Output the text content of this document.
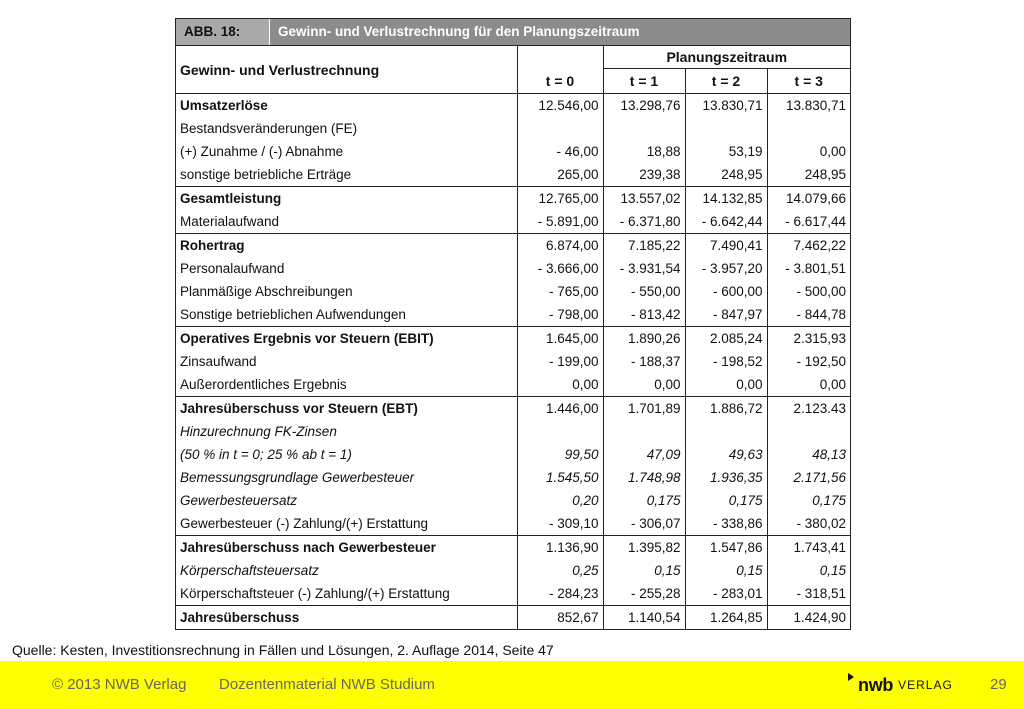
ABB. 18:	Gewinn- und Verlustrechnung für den Planungszeitraum
Gewinn- und Verlustrechnung		Planungszeitraum		
	t = 0	t = 1	t = 2	t = 3
Umsatzerlöse	12.546,00	13.298,76	13.830,71	13.830,71
Bestandsveränderungen (FE)				
(+) Zunahme / (-) Abnahme	- 46,00	18,88	53,19	0,00
sonstige betriebliche Erträge	265,00	239,38	248,95	248,95
Gesamtleistung	12.765,00	13.557,02	14.132,85	14.079,66
Materialaufwand	- 5.891,00	- 6.371,80	- 6.642,44	- 6.617,44
Rohertrag	6.874,00	7.185,22	7.490,41	7.462,22
Personalaufwand	- 3.666,00	- 3.931,54	- 3.957,20	- 3.801,51
Planmäßige Abschreibungen	- 765,00	- 550,00	- 600,00	- 500,00
Sonstige betrieblichen Aufwendungen	- 798,00	- 813,42	- 847,97	- 844,78
Operatives Ergebnis vor Steuern (EBIT)	1.645,00	1.890,26	2.085,24	2.315,93
Zinsaufwand	- 199,00	- 188,37	- 198,52	- 192,50
Außerordentliches Ergebnis	0,00	0,00	0,00	0,00
Jahresüberschuss vor Steuern (EBT)	1.446,00	1.701,89	1.886,72	2.123.43
Hinzurechnung FK-Zinsen				
(50 % in t = 0; 25 % ab t = 1)	99,50	47,09	49,63	48,13
Bemessungsgrundlage Gewerbesteuer	1.545,50	1.748,98	1.936,35	2.171,56
Gewerbesteuersatz	0,20	0,175	0,175	0,175
Gewerbesteuer (-) Zahlung/(+) Erstattung	- 309,10	- 306,07	- 338,86	- 380,02
Jahresüberschuss nach Gewerbesteuer	1.136,90	1.395,82	1.547,86	1.743,41
Körperschaftsteuersatz	0,25	0,15	0,15	0,15
Körperschaftsteuer (-) Zahlung/(+) Erstattung	- 284,23	- 255,28	- 283,01	- 318,51
Jahresüberschuss	852,67	1.140,54	1.264,85	1.424,90
Quelle: Kesten, Investitionsrechnung in Fällen und Lösungen, 2. Auflage 2014, Seite 47
© 2013 NWB Verlag Dozentenmaterial NWB Studium	nwb VERLAG 29
